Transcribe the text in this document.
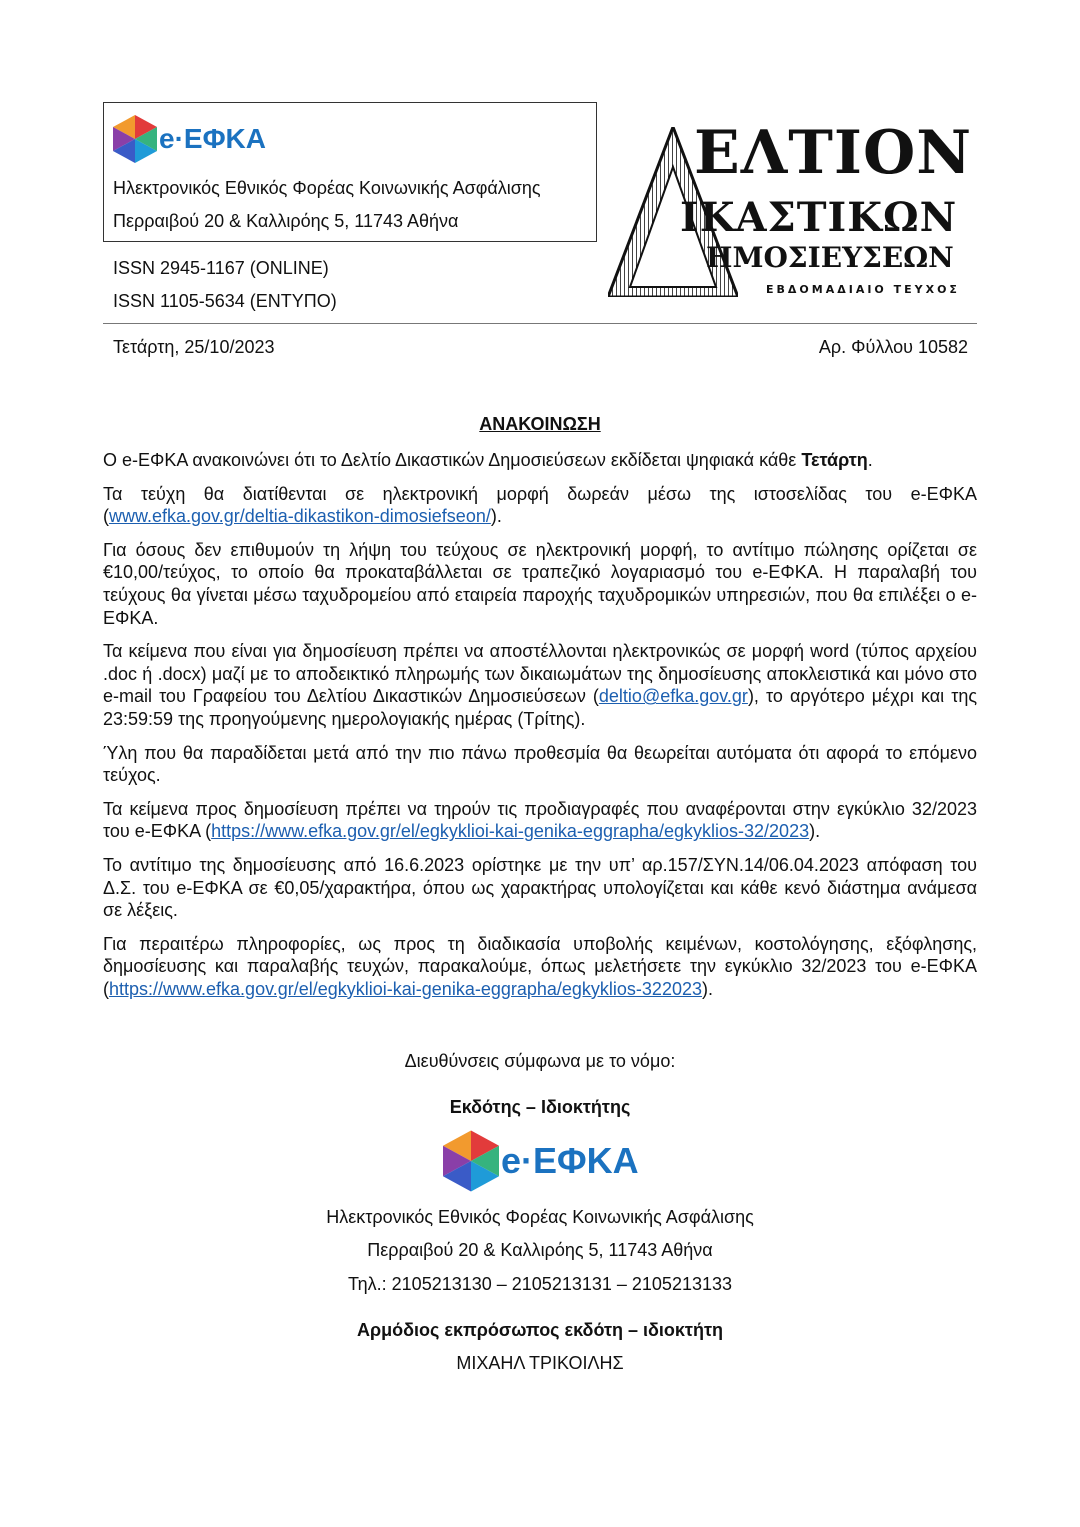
e·ΕΦΚΑ
Ηλεκτρονικός Εθνικός Φορέας Κοινωνικής Ασφάλισης
Περραιβού 20 & Καλλιρόης 5, 11743 Αθήνα
ISSN 2945-1167 (ONLINE)
ISSN 1105-5634 (ΕΝΤΥΠΟ)
ΕΛΤΙΟΝ
ΙΚΑΣΤΙΚΩΝ
ΗΜΟΣΙΕΥΣΕΩΝ
ΕΒΔΟΜΑΔΙΑΙΟ ΤΕΥΧΟΣ
Τετάρτη, 25/10/2023	Αρ. Φύλλου 10582
ΑΝΑΚΟΙΝΩΣΗ

Ο e-ΕΦΚΑ ανακοινώνει ότι το Δελτίο Δικαστικών Δημοσιεύσεων εκδίδεται ψηφιακά κάθε Τετάρτη.

Τα τεύχη θα διατίθενται σε ηλεκτρονική μορφή δωρεάν μέσω της ιστοσελίδας του e-ΕΦΚΑ (www.efka.gov.gr/deltia-dikastikon-dimosiefseon/).

Για όσους δεν επιθυμούν τη λήψη του τεύχους σε ηλεκτρονική μορφή, το αντίτιμο πώλησης ορίζεται σε €10,00/τεύχος, το οποίο θα προκαταβάλλεται σε τραπεζικό λογαριασμό του e-ΕΦΚΑ. Η παραλαβή του τεύχους θα γίνεται μέσω ταχυδρομείου από εταιρεία παροχής ταχυδρομικών υπηρεσιών, που θα επιλέξει ο e-ΕΦΚΑ.

Τα κείμενα που είναι για δημοσίευση πρέπει να αποστέλλονται ηλεκτρονικώς σε μορφή word (τύπος αρχείου .doc ή .docx) μαζί με το αποδεικτικό πληρωμής των δικαιωμάτων της δημοσίευσης αποκλειστικά και μόνο στο e-mail του Γραφείου του Δελτίου Δικαστικών Δημοσιεύσεων (deltio@efka.gov.gr), το αργότερο μέχρι και της 23:59:59 της προηγούμενης ημερολογιακής ημέρας (Τρίτης).

Ύλη που θα παραδίδεται μετά από την πιο πάνω προθεσμία θα θεωρείται αυτόματα ότι αφορά το επόμενο τεύχος.

Τα κείμενα προς δημοσίευση πρέπει να τηρούν τις προδιαγραφές που αναφέρονται στην εγκύκλιο 32/2023 του e-ΕΦΚΑ (https://www.efka.gov.gr/el/egkyklioi-kai-genika-eggrapha/egkyklios-32/2023).

Το αντίτιμο της δημοσίευσης από 16.6.2023 ορίστηκε με την υπ’ αρ.157/ΣΥΝ.14/06.04.2023 απόφαση του Δ.Σ. του e-ΕΦΚΑ σε €0,05/χαρακτήρα, όπου ως χαρακτήρας υπολογίζεται και κάθε κενό διάστημα ανάμεσα σε λέξεις.

Για περαιτέρω πληροφορίες, ως προς τη διαδικασία υποβολής κειμένων, κοστολόγησης, εξόφλησης, δημοσίευσης και παραλαβής τευχών, παρακαλούμε, όπως μελετήσετε την εγκύκλιο 32/2023 του e-ΕΦΚΑ (https://www.efka.gov.gr/el/egkyklioi-kai-genika-eggrapha/egkyklios-322023).

Διευθύνσεις σύμφωνα με το νόμο:
Εκδότης – Ιδιοκτήτης
e·ΕΦΚΑ
Ηλεκτρονικός Εθνικός Φορέας Κοινωνικής Ασφάλισης
Περραιβού 20 & Καλλιρόης 5, 11743 Αθήνα
Τηλ.: 2105213130 – 2105213131 – 2105213133
Αρμόδιος εκπρόσωπος εκδότη – ιδιοκτήτη
ΜΙΧΑΗΛ ΤΡΙΚΟΙΛΗΣ
